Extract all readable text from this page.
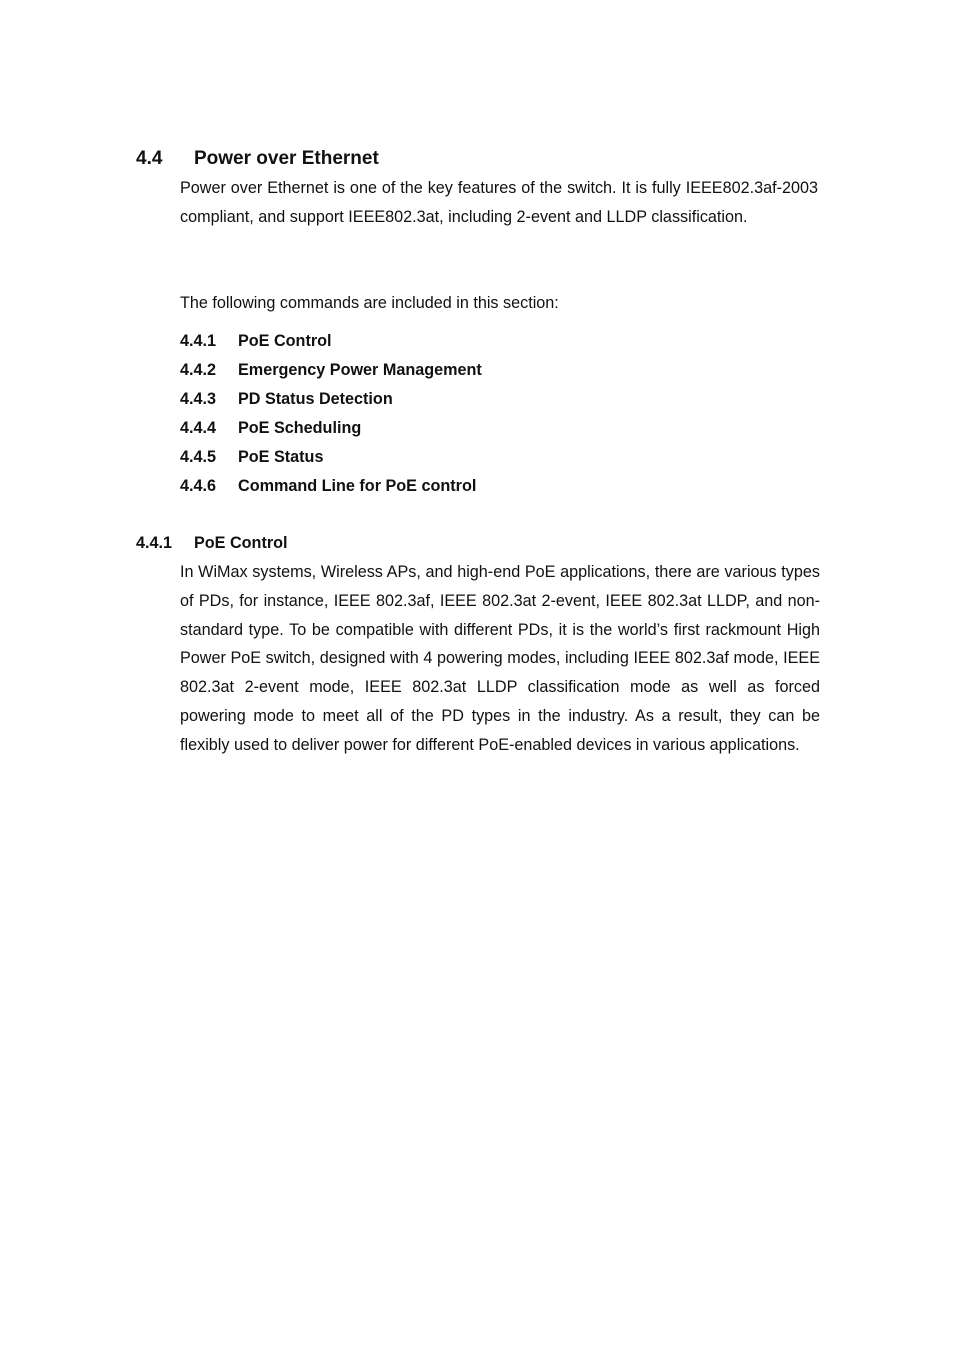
4.4 Power over Ethernet
Power over Ethernet is one of the key features of the switch. It is fully IEEE802.3af-2003 compliant, and support IEEE802.3at, including 2-event and LLDP classification.
The following commands are included in this section:
4.4.1 PoE Control
4.4.2 Emergency Power Management
4.4.3 PD Status Detection
4.4.4 PoE Scheduling
4.4.5 PoE Status
4.4.6 Command Line for PoE control
4.4.1 PoE Control
In WiMax systems, Wireless APs, and high-end PoE applications, there are various types of PDs, for instance, IEEE 802.3af, IEEE 802.3at 2-event, IEEE 802.3at LLDP, and non-standard type. To be compatible with different PDs, it is the world’s first rackmount High Power PoE switch, designed with 4 powering modes, including IEEE 802.3af mode, IEEE 802.3at 2-event mode, IEEE 802.3at LLDP classification mode as well as forced powering mode to meet all of the PD types in the industry. As a result, they can be flexibly used to deliver power for different PoE-enabled devices in various applications.
